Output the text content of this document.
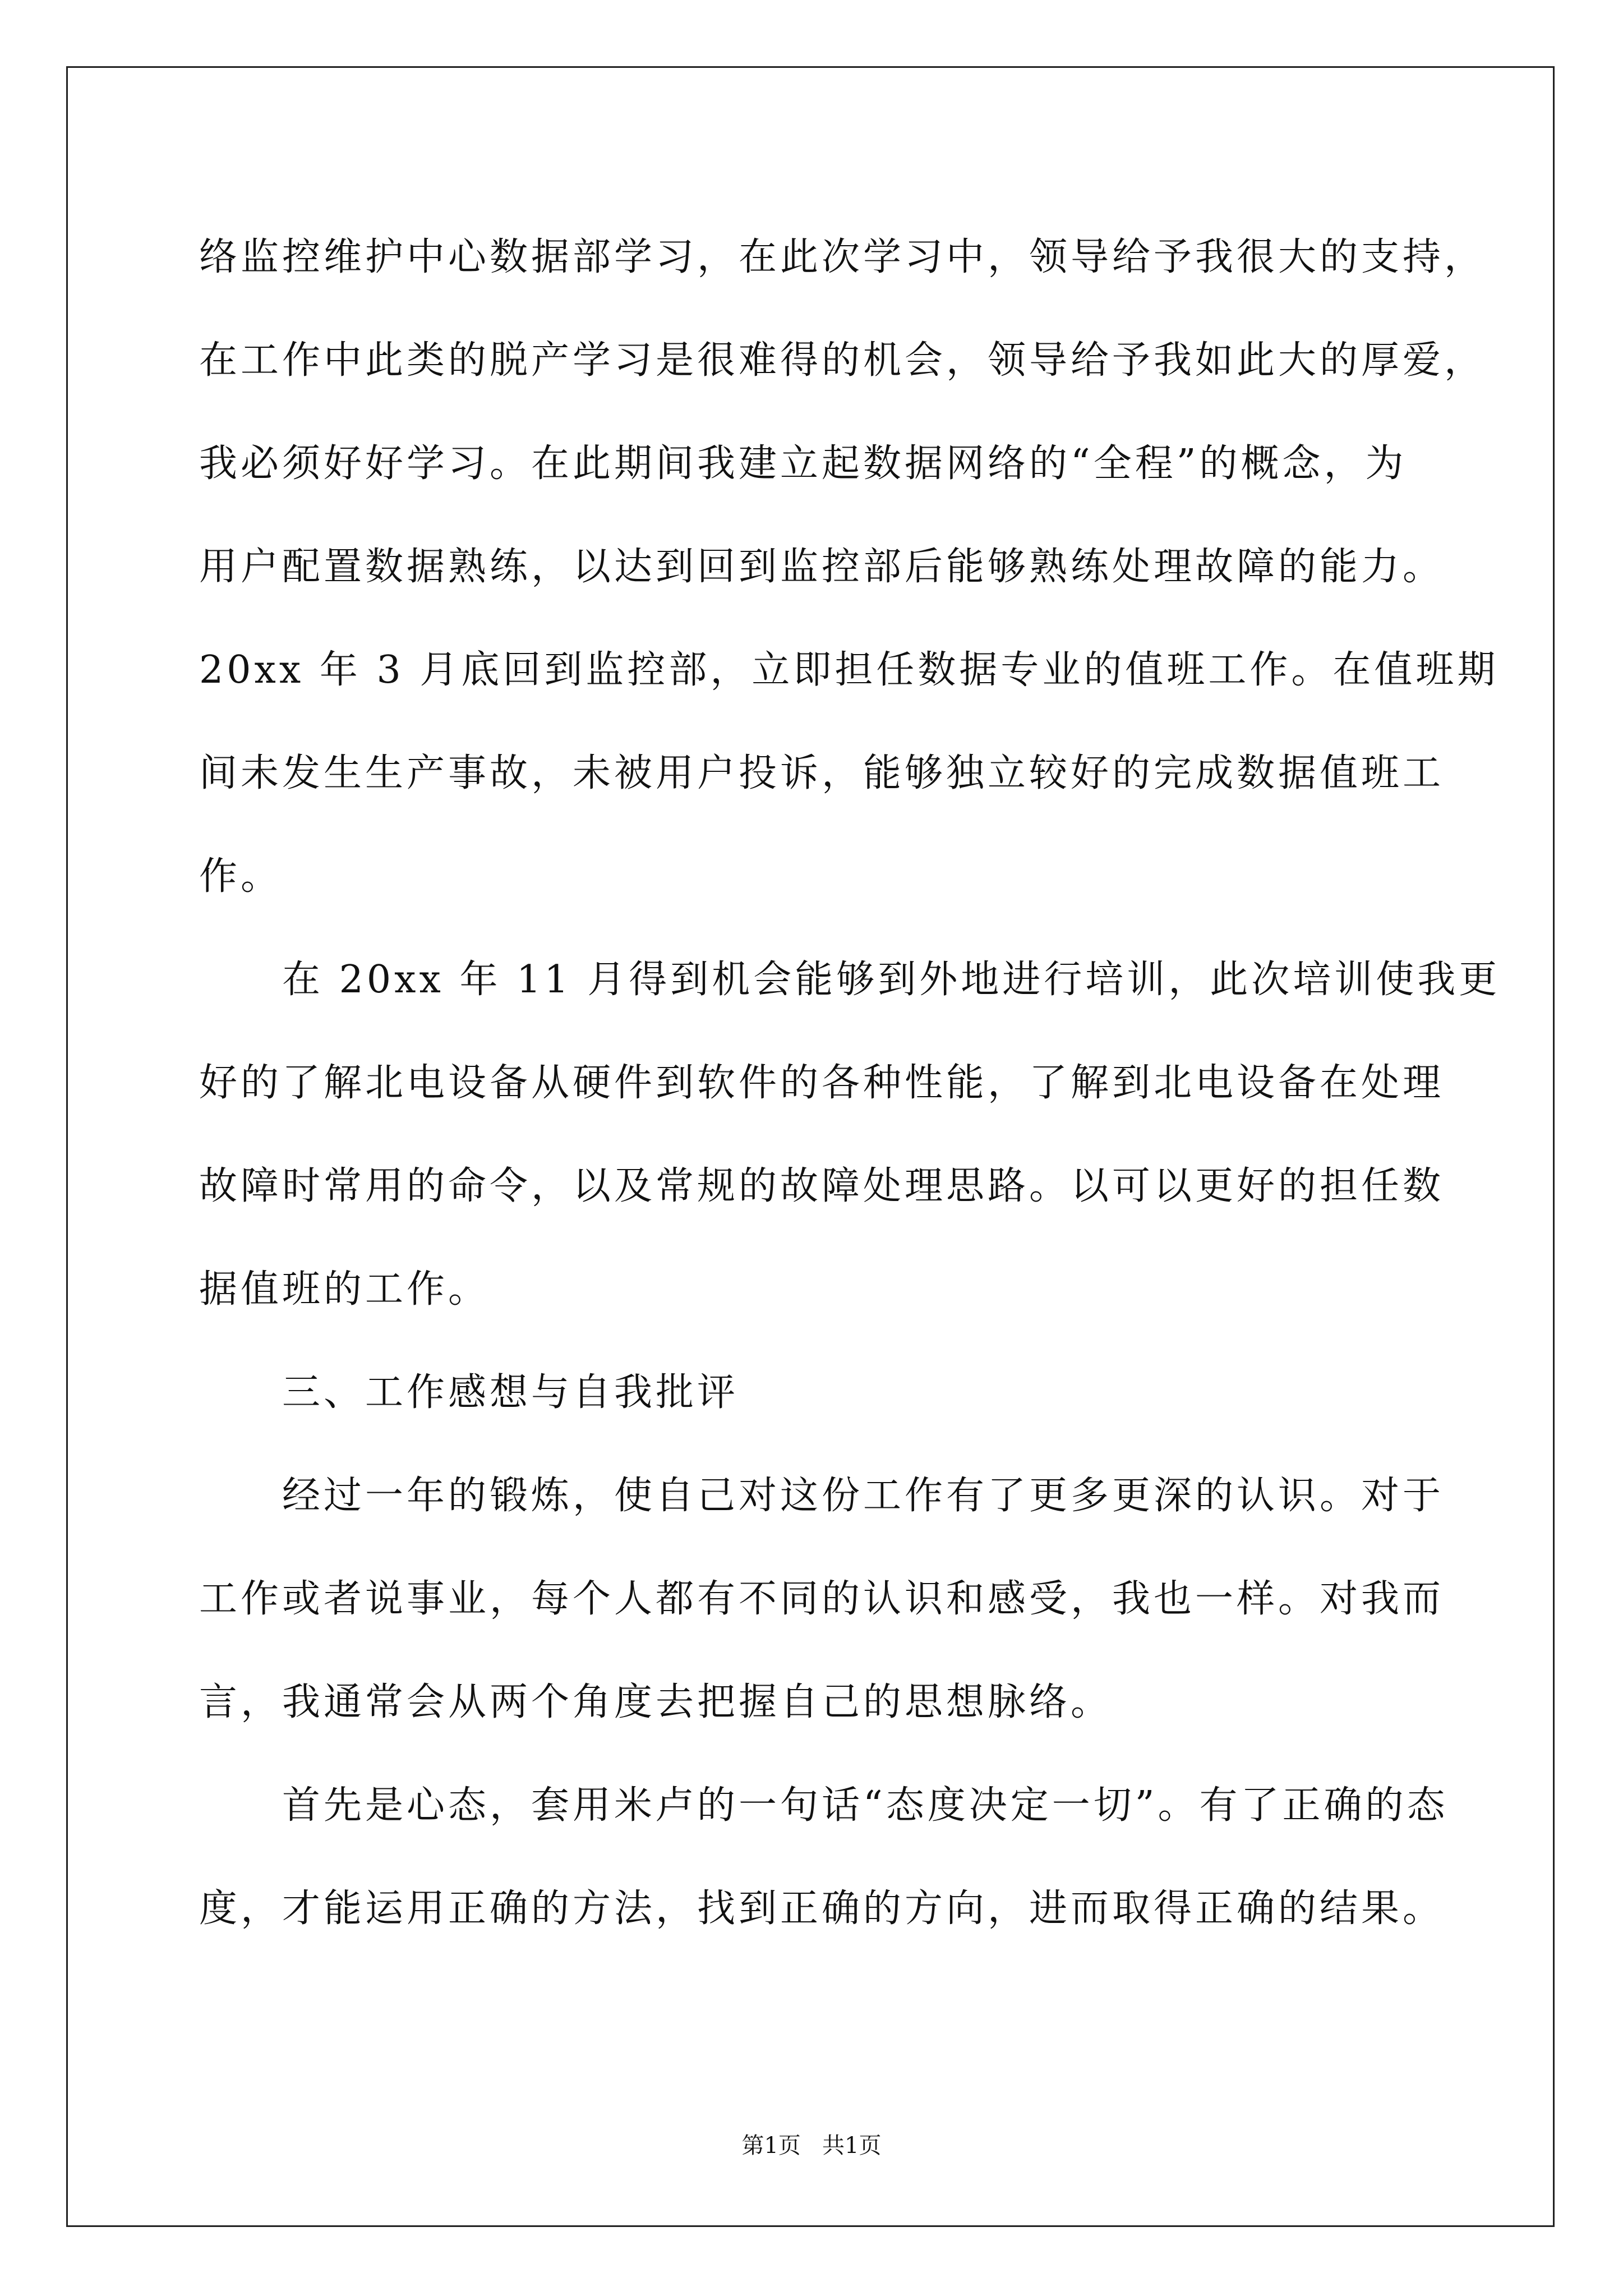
络监控维护中心数据部学习，在此次学习中，领导给予我很大的支持，
在工作中此类的脱产学习是很难得的机会，领导给予我如此大的厚爱，
我必须好好学习。在此期间我建立起数据网络的“全程”的概念，为
用户配置数据熟练，以达到回到监控部后能够熟练处理故障的能力。
20xx 年 3 月底回到监控部，立即担任数据专业的值班工作。在值班期
间未发生生产事故，未被用户投诉，能够独立较好的完成数据值班工
作。
　　在 20xx 年 11 月得到机会能够到外地进行培训，此次培训使我更
好的了解北电设备从硬件到软件的各种性能，了解到北电设备在处理
故障时常用的命令，以及常规的故障处理思路。以可以更好的担任数
据值班的工作。
　　三、工作感想与自我批评
　　经过一年的锻炼，使自己对这份工作有了更多更深的认识。对于
工作或者说事业，每个人都有不同的认识和感受，我也一样。对我而
言，我通常会从两个角度去把握自己的思想脉络。
　　首先是心态，套用米卢的一句话“态度决定一切”。有了正确的态
度，才能运用正确的方法，找到正确的方向，进而取得正确的结果。
第1页   共1页
